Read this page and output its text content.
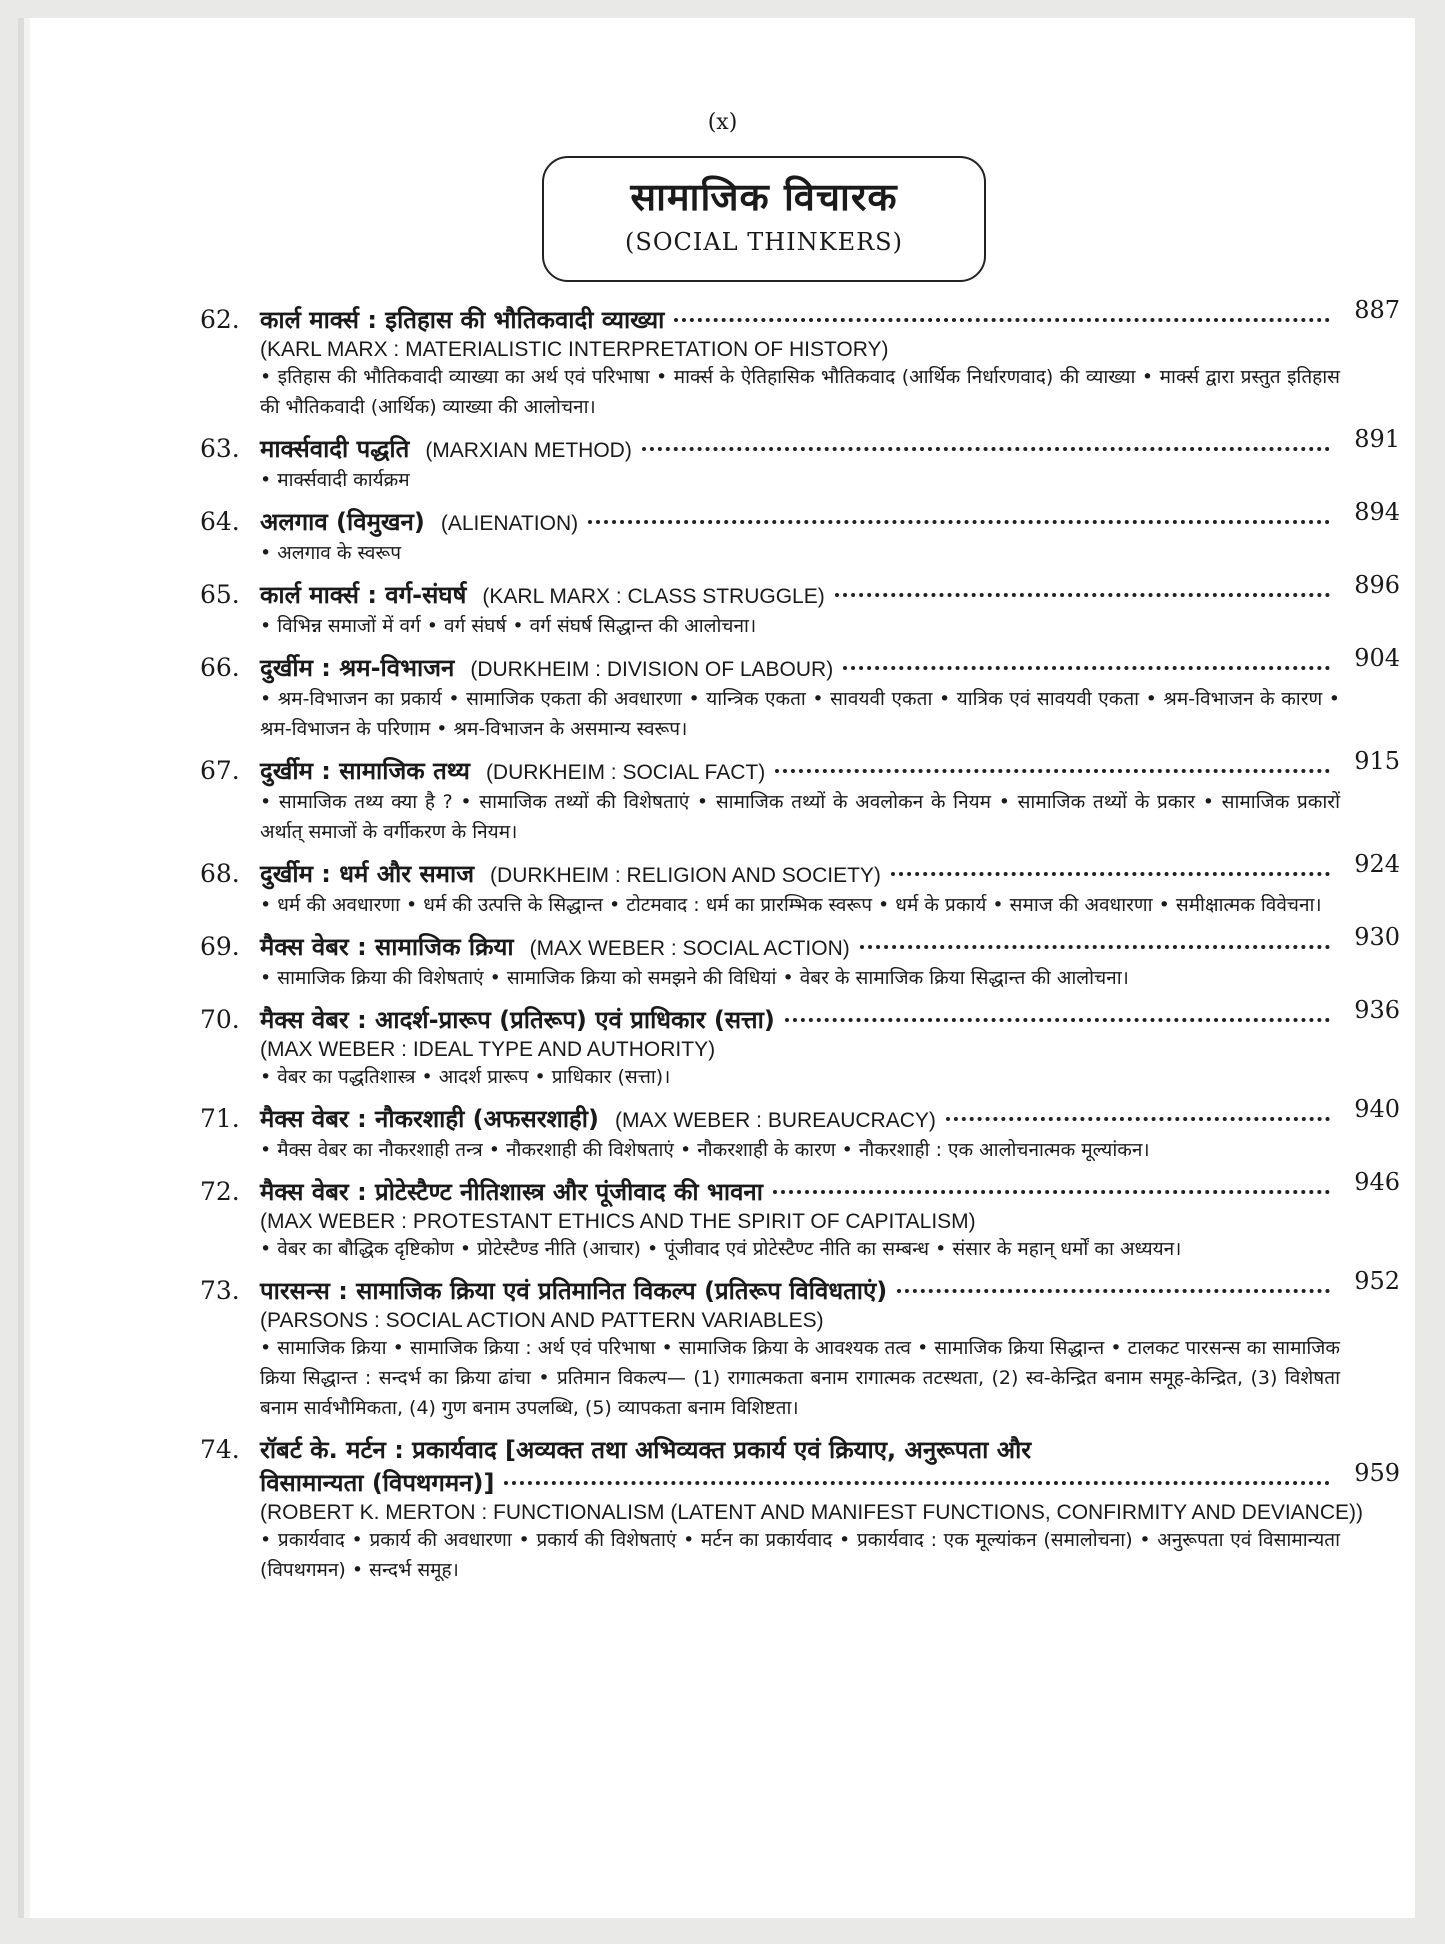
(x)
सामाजिक विचारक
(SOCIAL THINKERS)
62. कार्ल मार्क्स : इतिहास की भौतिकवादी व्याख्या	887
(KARL MARX : MATERIALISTIC INTERPRETATION OF HISTORY)
• इतिहास की भौतिकवादी व्याख्या का अर्थ एवं परिभाषा • मार्क्स के ऐतिहासिक भौतिकवाद (आर्थिक निर्धारणवाद) की व्याख्या • मार्क्स द्वारा प्रस्तुत इतिहास की भौतिकवादी (आर्थिक) व्याख्या की आलोचना।
63. मार्क्सवादी पद्धति (MARXIAN METHOD)	891
• मार्क्सवादी कार्यक्रम
64. अलगाव (विमुखन) (ALIENATION)	894
• अलगाव के स्वरूप
65. कार्ल मार्क्स : वर्ग-संघर्ष (KARL MARX : CLASS STRUGGLE)	896
• विभिन्न समाजों में वर्ग • वर्ग संघर्ष • वर्ग संघर्ष सिद्धान्त की आलोचना।
66. दुर्खीम : श्रम-विभाजन (DURKHEIM : DIVISION OF LABOUR)	904
• श्रम-विभाजन का प्रकार्य • सामाजिक एकता की अवधारणा • यान्त्रिक एकता • सावयवी एकता • यात्रिक एवं सावयवी एकता • श्रम-विभाजन के कारण • श्रम-विभाजन के परिणाम • श्रम-विभाजन के असमान्य स्वरूप।
67. दुर्खीम : सामाजिक तथ्य (DURKHEIM : SOCIAL FACT)	915
• सामाजिक तथ्य क्या है ? • सामाजिक तथ्यों की विशेषताएं • सामाजिक तथ्यों के अवलोकन के नियम • सामाजिक तथ्यों के प्रकार • सामाजिक प्रकारों अर्थात् समाजों के वर्गीकरण के नियम।
68. दुर्खीम : धर्म और समाज (DURKHEIM : RELIGION AND SOCIETY)	924
• धर्म की अवधारणा • धर्म की उत्पत्ति के सिद्धान्त • टोटमवाद : धर्म का प्रारम्भिक स्वरूप • धर्म के प्रकार्य • समाज की अवधारणा • समीक्षात्मक विवेचना।
69. मैक्स वेबर : सामाजिक क्रिया (MAX WEBER : SOCIAL ACTION)	930
• सामाजिक क्रिया की विशेषताएं • सामाजिक क्रिया को समझने की विधियां • वेबर के सामाजिक क्रिया सिद्धान्त की आलोचना।
70. मैक्स वेबर : आदर्श-प्रारूप (प्रतिरूप) एवं प्राधिकार (सत्ता)	936
(MAX WEBER : IDEAL TYPE AND AUTHORITY)
• वेबर का पद्धतिशास्त्र • आदर्श प्रारूप • प्राधिकार (सत्ता)।
71. मैक्स वेबर : नौकरशाही (अफसरशाही) (MAX WEBER : BUREAUCRACY)	940
• मैक्स वेबर का नौकरशाही तन्त्र • नौकरशाही की विशेषताएं • नौकरशाही के कारण • नौकरशाही : एक आलोचनात्मक मूल्यांकन।
72. मैक्स वेबर : प्रोटेस्टैण्ट नीतिशास्त्र और पूंजीवाद की भावना	946
(MAX WEBER : PROTESTANT ETHICS AND THE SPIRIT OF CAPITALISM)
• वेबर का बौद्धिक दृष्टिकोण • प्रोटेस्टैण्ड नीति (आचार) • पूंजीवाद एवं प्रोटेस्टैण्ट नीति का सम्बन्ध • संसार के महान् धर्मों का अध्ययन।
73. पारसन्स : सामाजिक क्रिया एवं प्रतिमानित विकल्प (प्रतिरूप विविधताएं)	952
(PARSONS : SOCIAL ACTION AND PATTERN VARIABLES)
• सामाजिक क्रिया • सामाजिक क्रिया : अर्थ एवं परिभाषा • सामाजिक क्रिया के आवश्यक तत्व • सामाजिक क्रिया सिद्धान्त • टालकट पारसन्स का सामाजिक क्रिया सिद्धान्त : सन्दर्भ का क्रिया ढांचा • प्रतिमान विकल्प— (1) रागात्मकता बनाम रागात्मक तटस्थता, (2) स्व-केन्द्रित बनाम समूह-केन्द्रित, (3) विशेषता बनाम सार्वभौमिकता, (4) गुण बनाम उपलब्धि, (5) व्यापकता बनाम विशिष्टता।
74. रॉबर्ट के. मर्टन : प्रकार्यवाद [अव्यक्त तथा अभिव्यक्त प्रकार्य एवं क्रियाए, अनुरूपता और
विसामान्यता (विपथगमन)]	959
(ROBERT K. MERTON : FUNCTIONALISM (LATENT AND MANIFEST FUNCTIONS, CONFIRMITY AND DEVIANCE))
• प्रकार्यवाद • प्रकार्य की अवधारणा • प्रकार्य की विशेषताएं • मर्टन का प्रकार्यवाद • प्रकार्यवाद : एक मूल्यांकन (समालोचना) • अनुरूपता एवं विसामान्यता (विपथगमन) • सन्दर्भ समूह।
